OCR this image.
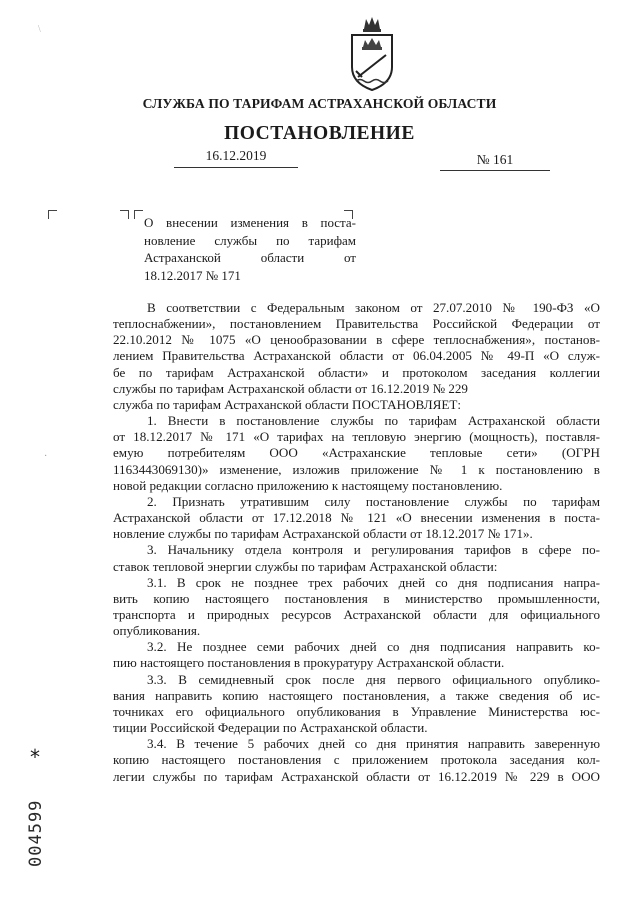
СЛУЖБА ПО ТАРИФАМ АСТРАХАНСКОЙ ОБЛАСТИ
ПОСТАНОВЛЕНИЕ
16.12.2019	№ 161
О внесении изменения в поста-
новление службы по тарифам
Астраханской области от
18.12.2017 № 171
В соответствии с Федеральным законом от 27.07.2010 № 190-ФЗ «О
теплоснабжении», постановлением Правительства Российской Федерации от
22.10.2012 № 1075 «О ценообразовании в сфере теплоснабжения», постанов-
лением Правительства Астраханской области от 06.04.2005 № 49-П «О служ-
бе по тарифам Астраханской области» и протоколом заседания коллегии
службы по тарифам Астраханской области от 16.12.2019 № 229
служба по тарифам Астраханской области ПОСТАНОВЛЯЕТ:
1. Внести в постановление службы по тарифам Астраханской области
от 18.12.2017 № 171 «О тарифах на тепловую энергию (мощность), поставля-
емую потребителям ООО «Астраханские тепловые сети» (ОГРН
1163443069130)» изменение, изложив приложение № 1 к постановлению в
новой редакции согласно приложению к настоящему постановлению.
2. Признать утратившим силу постановление службы по тарифам
Астраханской области от 17.12.2018 № 121 «О внесении изменения в поста-
новление службы по тарифам Астраханской области от 18.12.2017 № 171».
3. Начальнику отдела контроля и регулирования тарифов в сфере по-
ставок тепловой энергии службы по тарифам Астраханской области:
3.1. В срок не позднее трех рабочих дней со дня подписания напра-
вить копию настоящего постановления в министерство промышленности,
транспорта и природных ресурсов Астраханской области для официального
опубликования.
3.2. Не позднее семи рабочих дней со дня подписания направить ко-
пию настоящего постановления в прокуратуру Астраханской области.
3.3. В семидневный срок после дня первого официального опублико-
вания направить копию настоящего постановления, а также сведения об ис-
точниках его официального опубликования в Управление Министерства юс-
тиции Российской Федерации по Астраханской области.
3.4. В течение 5 рабочих дней со дня принятия направить заверенную
копию настоящего постановления с приложением протокола заседания кол-
легии службы по тарифам Астраханской области от 16.12.2019 № 229 в ООО
·
\
*
004599
